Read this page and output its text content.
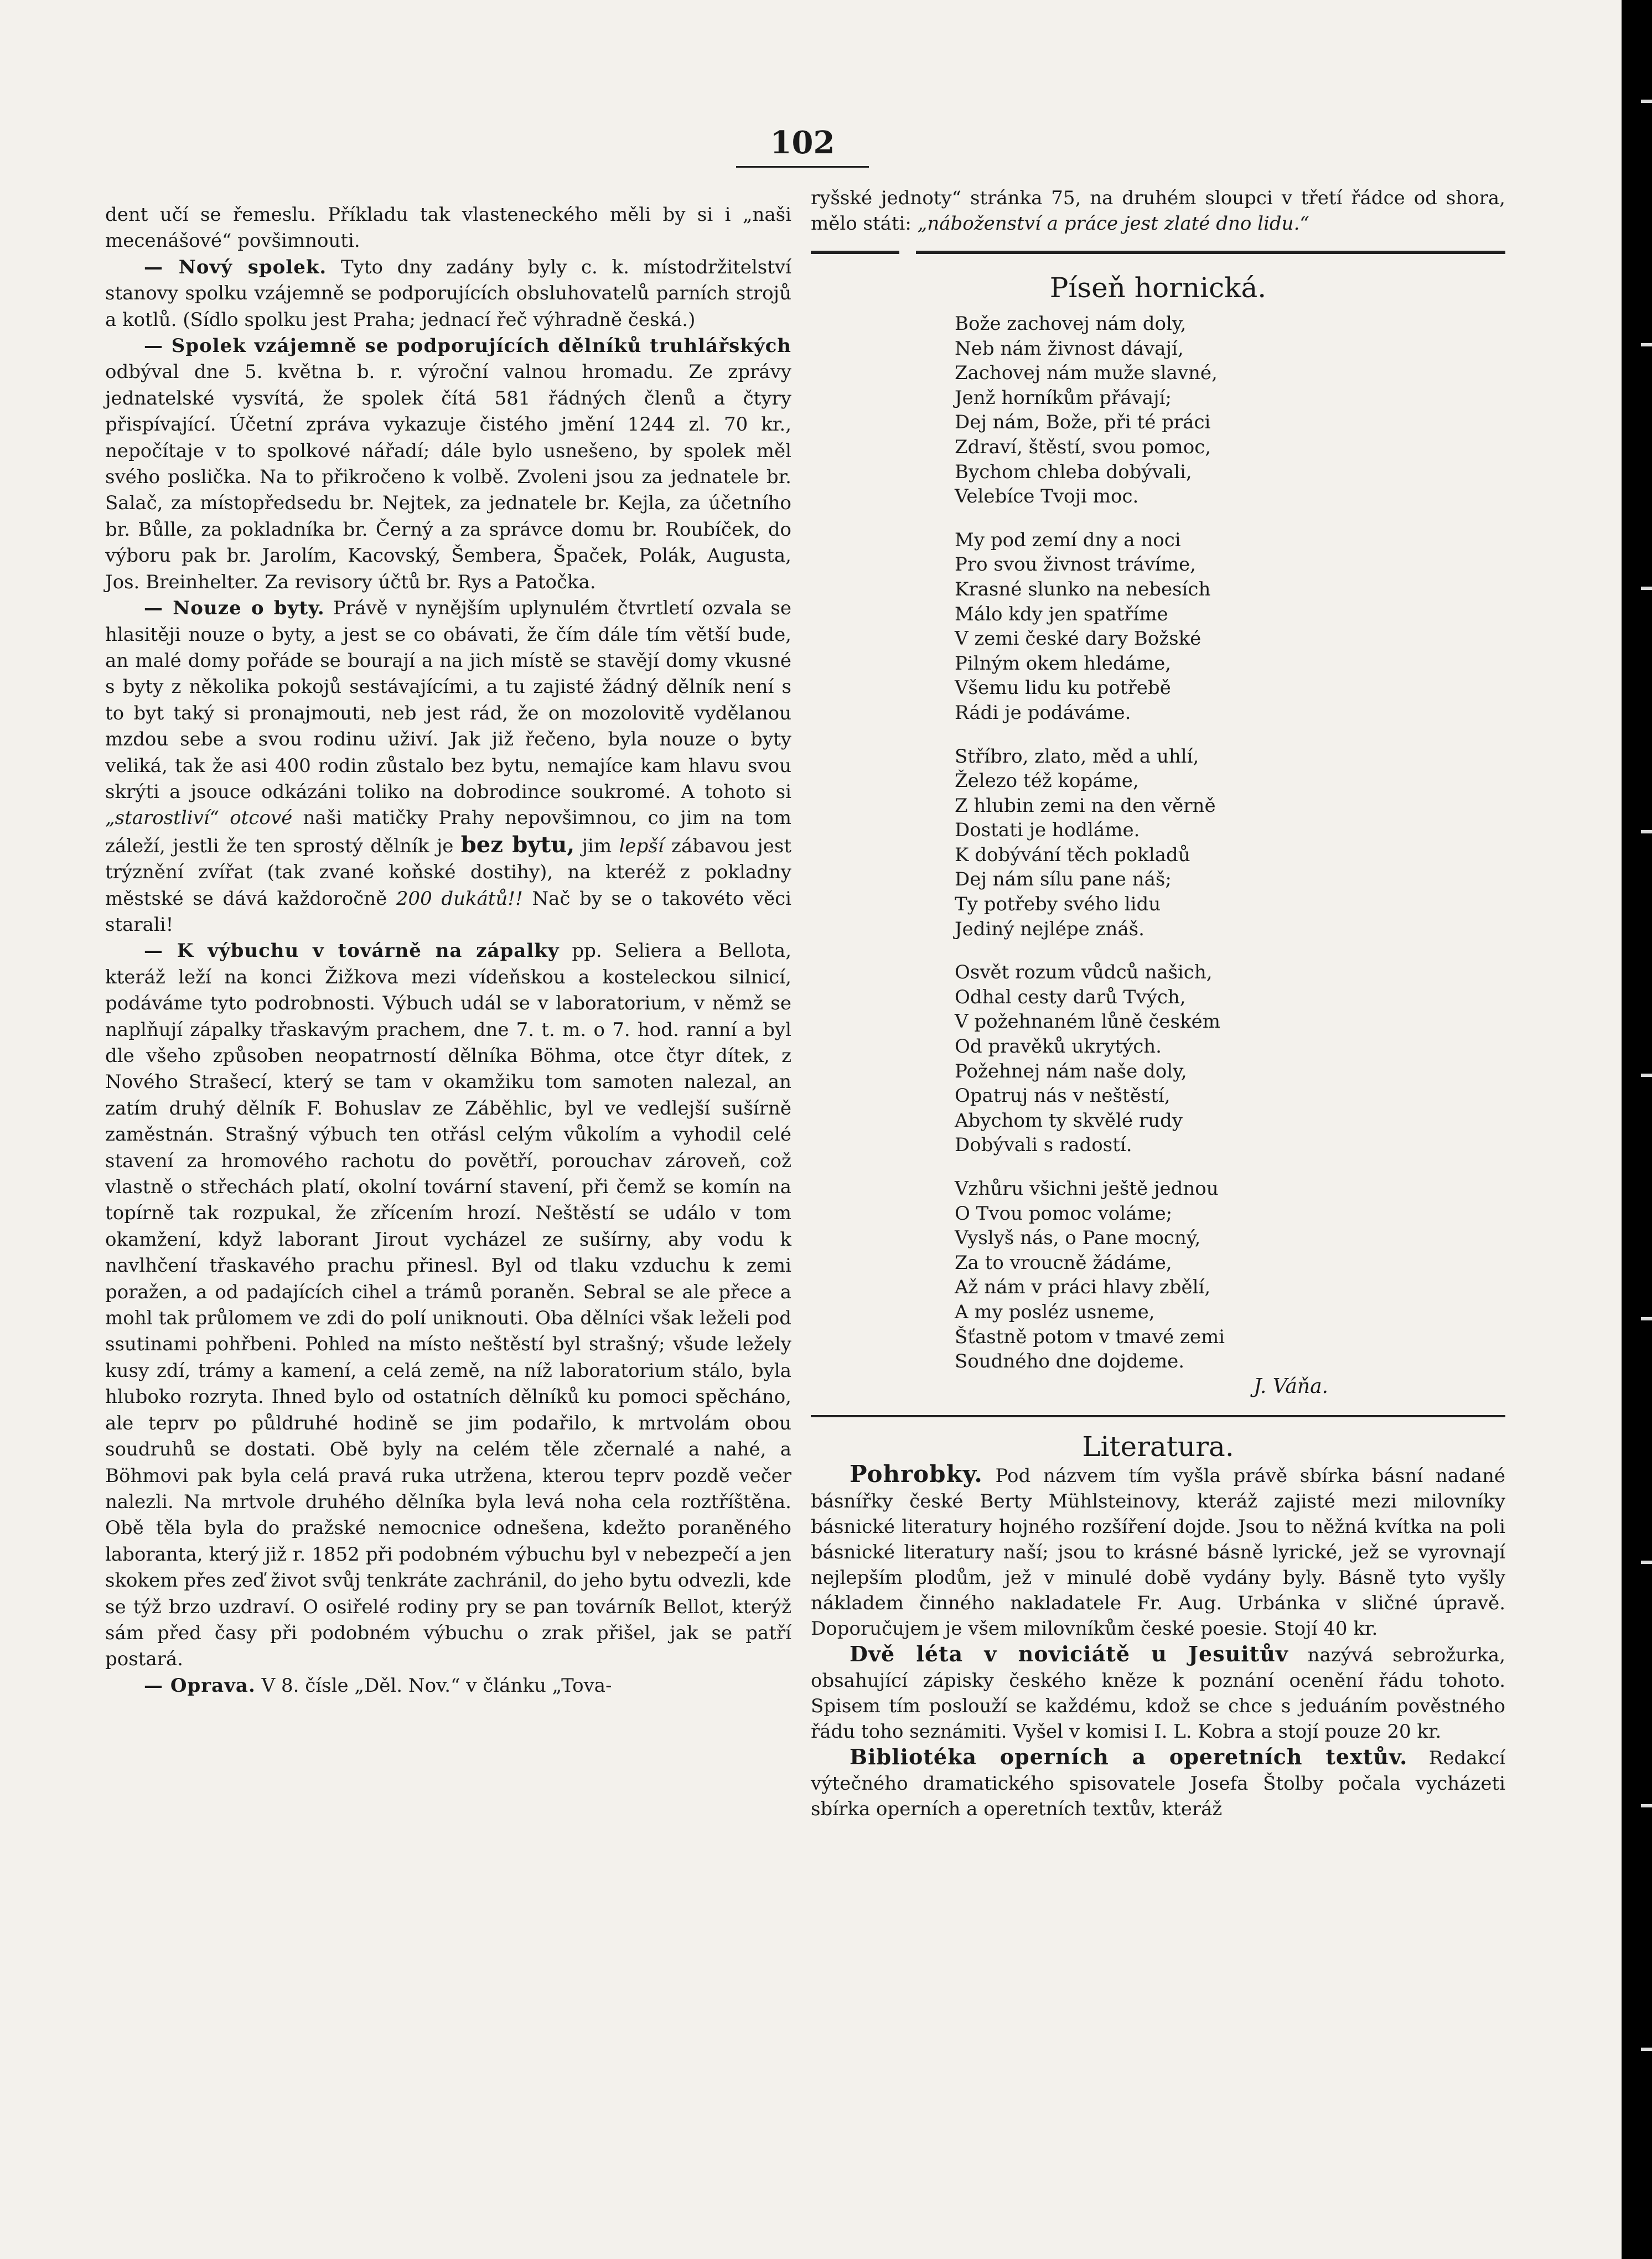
102

dent učí se řemeslu. Příkladu tak vlasteneckého měli by si i „naši mecenášové“ povšimnouti.

— Nový spolek. Tyto dny zadány byly c. k. místodržitelství stanovy spolku vzájemně se podporujících obsluhovatelů parních strojů a kotlů. (Sídlo spolku jest Praha; jednací řeč výhradně česká.)

— Spolek vzájemně se podporujících dělníků truhlářských odbýval dne 5. května b. r. výroční valnou hromadu. Ze zprávy jednatelské vysvítá, že spolek čítá 581 řádných členů a čtyry přispívající. Účetní zpráva vykazuje čistého jmění 1244 zl. 70 kr., nepočítaje v to spolkové nářadí; dále bylo usnešeno, by spolek měl svého poslička. Na to přikročeno k volbě. Zvoleni jsou za jednatele br. Salač, za místopředsedu br. Nejtek, za jednatele br. Kejla, za účetního br. Bůlle, za pokladníka br. Černý a za správce domu br. Roubíček, do výboru pak br. Jarolím, Kacovský, Šembera, Špaček, Polák, Augusta, Jos. Breinhelter. Za revisory účtů br. Rys a Patočka.

— Nouze o byty. Právě v nynějším uplynulém čtvrtletí ozvala se hlasitěji nouze o byty, a jest se co obávati, že čím dále tím větší bude, an malé domy pořáde se bourají a na jich místě se stavějí domy vkusné s byty z několika pokojů sestávajícími, a tu zajisté žádný dělník není s to byt taký si pronajmouti, neb jest rád, že on mozolovitě vydělanou mzdou sebe a svou rodinu uživí. Jak již řečeno, byla nouze o byty veliká, tak že asi 400 rodin zůstalo bez bytu, nemajíce kam hlavu svou skrýti a jsouce odkázáni toliko na dobrodince soukromé. A tohoto si „starostliví“ otcové naši matičky Prahy nepovšimnou, co jim na tom záleží, jestli že ten sprostý dělník je bez bytu, jim lepší zábavou jest trýznění zvířat (tak zvané koňské dostihy), na kteréž z pokladny městské se dává každoročně 200 dukátů!! Nač by se o takovéto věci starali!

— K výbuchu v továrně na zápalky pp. Seliera a Bellota, kteráž leží na konci Žižkova mezi vídeňskou a kosteleckou silnicí, podáváme tyto podrobnosti. Výbuch udál se v laboratorium, v němž se naplňují zápalky třaskavým prachem, dne 7. t. m. o 7. hod. ranní a byl dle všeho způsoben neopatrností dělníka Böhma, otce čtyr dítek, z Nového Strašecí, který se tam v okamžiku tom samoten nalezal, an zatím druhý dělník F. Bohuslav ze Záběhlic, byl ve vedlejší sušírně zaměstnán. Strašný výbuch ten otřásl celým vůkolím a vyhodil celé stavení za hromového rachotu do povětří, porouchav zároveň, což vlastně o střechách platí, okolní tovární stavení, při čemž se komín na topírně tak rozpukal, že zřícením hrozí. Neštěstí se událo v tom okamžení, když laborant Jirout vycházel ze sušírny, aby vodu k navlhčení třaskavého prachu přinesl. Byl od tlaku vzduchu k zemi poražen, a od padajících cihel a trámů poraněn. Sebral se ale přece a mohl tak průlomem ve zdi do polí uniknouti. Oba dělníci však leželi pod ssutinami pohřbeni. Pohled na místo neštěstí byl strašný; všude ležely kusy zdí, trámy a kamení, a celá země, na níž laboratorium stálo, byla hluboko rozryta. Ihned bylo od ostatních dělníků ku pomoci spěcháno, ale teprv po půldruhé hodině se jim podařilo, k mrtvolám obou soudruhů se dostati. Obě byly na celém těle zčernalé a nahé, a Böhmovi pak byla celá pravá ruka utržena, kterou teprv pozdě večer nalezli. Na mrtvole druhého dělníka byla levá noha cela roztříštěna. Obě těla byla do pražské nemocnice odnešena, kdežto poraněného laboranta, který již r. 1852 při podobném výbuchu byl v nebezpečí a jen skokem přes zeď život svůj tenkráte zachránil, do jeho bytu odvezli, kde se týž brzo uzdraví. O osiřelé rodiny pry se pan továrník Bellot, kterýž sám před časy při podobném výbuchu o zrak přišel, jak se patří postará.

— Oprava. V 8. čísle „Děl. Nov.“ v článku „Tova-

ryšské jednoty“ stránka 75, na druhém sloupci v třetí řádce od shora, mělo státi: „náboženství a práce jest zlaté dno lidu.“

Píseň hornická.
Bože zachovej nám doly,
Neb nám živnost dávají,
Zachovej nám muže slavné,
Jenž horníkům přávají;
Dej nám, Bože, při té práci
Zdraví, štěstí, svou pomoc,
Bychom chleba dobývali,
Velebíce Tvoji moc.
My pod zemí dny a noci
Pro svou živnost trávíme,
Krasné slunko na nebesích
Málo kdy jen spatříme
V zemi české dary Božské
Pilným okem hledáme,
Všemu lidu ku potřebě
Rádi je podáváme.
Stříbro, zlato, měd a uhlí,
Železo též kopáme,
Z hlubin zemi na den věrně
Dostati je hodláme.
K dobývání těch pokladů
Dej nám sílu pane náš;
Ty potřeby svého lidu
Jediný nejlépe znáš.
Osvět rozum vůdců našich,
Odhal cesty darů Tvých,
V požehnaném lůně českém
Od pravěků ukrytých.
Požehnej nám naše doly,
Opatruj nás v neštěstí,
Abychom ty skvělé rudy
Dobývali s radostí.
Vzhůru všichni ještě jednou
O Tvou pomoc voláme;
Vyslyš nás, o Pane mocný,
Za to vroucně žádáme,
Až nám v práci hlavy zbělí,
A my posléz usneme,
Šťastně potom v tmavé zemi
Soudného dne dojdeme.
J. Váňa.
Literatura.

Pohrobky. Pod názvem tím vyšla právě sbírka básní nadané básnířky české Berty Mühlsteinovy, kteráž zajisté mezi milovníky básnické literatury hojného rozšíření dojde. Jsou to něžná kvítka na poli básnické literatury naší; jsou to krásné básně lyrické, jež se vyrovnají nejlepším plodům, jež v minulé době vydány byly. Básně tyto vyšly nákladem činného nakladatele Fr. Aug. Urbánka v sličné úpravě. Doporučujem je všem milovníkům české poesie. Stojí 40 kr.

Dvě léta v noviciátě u Jesuitův nazývá sebrožurka, obsahující zápisky českého kněze k poznání ocenění řádu tohoto. Spisem tím poslouží se každému, kdož se chce s jeduáním pověstného řádu toho seznámiti. Vyšel v komisi I. L. Kobra a stojí pouze 20 kr.

Bibliotéka operních a operetních textův. Redakcí výtečného dramatického spisovatele Josefa Štolby počala vycházeti sbírka operních a operetních textův, kteráž
